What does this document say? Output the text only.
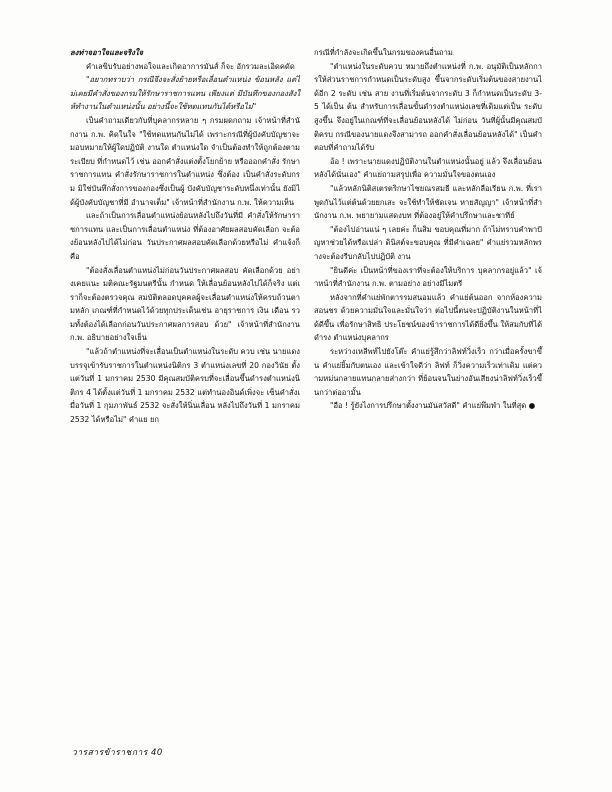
ลงท่าจอาใจและจริงใจ

คำเลขิบรับอย่างพอใจและเกิดอาการมันส์ ก็จะ อักรวมละเอิดคดัด

"อยากทราบว่า กรณีจึงจะสั่งย้ายหรือเลื่อนตำแหน่ง ข้อนหลัง แต่ไม่เคยมีคำสั่งของกรมให้รักษาราชการแทน เพียงแต่ มีบันทึกของกองสังให้ทำงานในตำแหน่งนั้น อย่างนี้จะใช้ทดแทนกันได้หรือไม่"

เป็นคำถามเดียวกับที่บุคลากรหลาย ๆ กรมผดกถาม เจ้าหน้าที่สำนักงาน ก.พ. คิดในใจ "ใช้ทดแทนกันไม่ได้ เพราะกรณีที่ผู้บังคับบัญชาจะมอบหมายให้ผู้ใดปฏิบัติ งานใด ตำแหน่งใด จำเป็นต้องทำให้ถูกต้องตามระเบียบ ที่กำหนดไว้ เช่น ออกคำสั่งแต่งตั้งโยกย้าย หรือออกคำสั่ง รักษาราชการแทน คำสั่งรักษาราชการในตำแหน่ง ซึ่งต้อง เป็นคำสั่งระดับกรม มิใช่บันทึกสั่งการของกองซึ่งเป็นผู้ บังคับบัญชาระดับหนึ่งเท่านั้น ยังมิได้ผู้บังคับบัญชาที่มี อำนาจเต็ม" เจ้าหน้าที่สำนักงาน ก.พ. ให้ความเห็น

และถ้าเป็นการเลื่อนตำแหน่งย้อนหลังไปถึงวันที่มี คำสั่งให้รักษาราชการแทน และเป็นการเลื่อนตำแหน่ง ที่ต้องอาศัยผลสอบคัดเลือก จะต้องย้อนหลังไปได้ไม่ก่อน วันประกาศผลสอบคัดเลือกด้วยหรือไม่ คำแจ้งก็คือ

"ต้องสั่งเลื่อนตำแหน่งไม่ก่อนวันประกาศผลสอบ คัดเลือกด้วย อย่างเคยแนะ มติคณะรัฐมนตรีนั้น กำหนด ให้เลื่อนย้อนหลังไปได้ก็จริง แต่เราก็จะต้องตรวจคุณ สมบัติตลอดบุคคลผู้จะเลื่อนตำแหน่งให้ครบถ้วนตามหลัก เกณฑ์ที่กำหนดไว้ด้วยทุกประเด็นเช่น อายุราชการ เงิน เดือน รวมทั้งต้องได้เลือกก่อนวันประกาศผลการสอบ ด้วย" เจ้าหน้าที่สำนักงาน ก.พ. อธิบายอย่างใจเย็น

"แล้วถ้าตำแหน่งที่จะเลื่อนเป็นตำแหน่งในระดับ ควบ เช่น นายแดง บรรจุเข้ารับราชการในตำแหน่งนิติกร 3 ตำแหน่งเลขที่ 20 กองวินัย ตั้งแต่วันที่ 1 มกราคม 2530 มีคุณสมบัติครบที่จะเลื่อนขึ้นดำรงตำแหน่งนิติกร 4 ได้ตั้งแต่วันที่ 1 มกราคม 2532 แต่ทำนองอินด์เพิ่งจะ เซ็นคำสั่งเมื่อวันที่ 1 กุมภาพันธ์ 2532 จะสั่งให้นิ่นเลื่อน หลังไปถึงวันที่ 1 มกราคม 2532 ได้หรือไม่" คำแย ยก

กรณีที่กำลังจะเกิดขึ้นในกรมของคนอื่นถาม

"ตำแหน่งในระดับควบ หมายถึงตำแหน่งที่ ก.พ. อนุมัติเป็นหลักการให้ส่วนราชการกำหนดเป็นระดับสูง ขึ้นจากระดับเริ่มต้นของสายงานได้อีก 2 ระดับ เช่น สาย งานที่เริ่มต้นจากระดับ 3 ก็กำหนดเป็นระดับ 3-5 ได้เป็น ต้น สำหรับการเลื่อนขั้นดำรงตำแหน่งเลขที่เดิมแต่เป็น ระดับสูงขึ้น จึงอยู่ในเกณฑ์ที่จะเลื่อนย้อนหลังได้ ไม่ก่อน วันที่ผู้นั้นมีคุณสมบัติครบ กรณีของนายแดงจึงสามารถ ออกคำสั่งเลื่อนย้อนหลังได้" เป็นคำตอบที่คำถามได้รับ

อ้อ ! เพราะนายแดงปฏิบัติงานในตำแหน่งนั้นอยู่ แล้ว จึงเลื่อนย้อนหลังได้นั่นเอง" คำแย่ถามสรุปเพื่อ ความมั่นใจของตนเอง

"แล้วหลักนิติสเตรตริกษาไชยณรสมธี และหลักลือเรียน ก.พ. ที่เราพูดกันไว้แต่ต้นด้วยยกเสะ จะใช้ทำให้ชัดเจน หายสัญญา" เจ้าหน้าที่สำนักงาน ก.พ. พยายามแสดงบท ที่ต้องอยู่ให้คำปรึกษาและชาทีย์

"ต้องไปอ่านแน่ ๆ เลยค่ะ ก็นสิม ขอบคุณที่มาก ถ้าไม่ทราบคำพาปัญหาช่วยได้หรือเปล่า ดินิสต์จะขอบคุณ ที่มีคำเฉลย" คำแย่รวมหลักพรางจะต้องรีบกลับไปปฏิบัติ งาน

"ยินดีค่ะ เป็นหน้าที่ของเราที่จะต้องให้บริการ บุคลากรอยู่แล้ว" เจ้าหน้าที่สำนักงาน ก.พ. ตามอย่าง อย่างมีไมตรี

หลังจากที่คำแย่พักตารรมสนอมแล้ว คำแย่ต้นออก จากห้องความสอนชร ด้วยความมั่นใจและมั่นใจว่า ต่อไปนี้ตนจะปฏิบัติงานในหน้าที่ได้ดีขึ้น เพื่อรักษาสิทธิ ประโยชน์ของข้าราชการได้ดียิ่งขึ้น ให้สมกับที่ได้ดำรง ตำแหน่งบุคลากร

ระหว่างเหลีพท์ไปยังโต๊ะ คำแย่รู้สึกว่าลิฟท์วิ่งเร็ว กว่าเมื่อครั้งขาขึ้น คำแย่ยิ้มกับตนเอง และเข้าใจดีว่า ลิฟท์ ก็วิ่งความเร็วเท่าเดิม แต่ความหม่นกลายแทนกลายส่างกว่า ที่ย้อนจนในย่างอันเสียงน่าลิฟท์วิ่งเร็วขึ้นกว่าต่ออามั้น

"อือ ! รู้ยังไงการปรึกษาตั้งงานมันสวัสดี" คำแย่พึมพำ ในที่สุด ●

วารสารข้าราชการ 40
